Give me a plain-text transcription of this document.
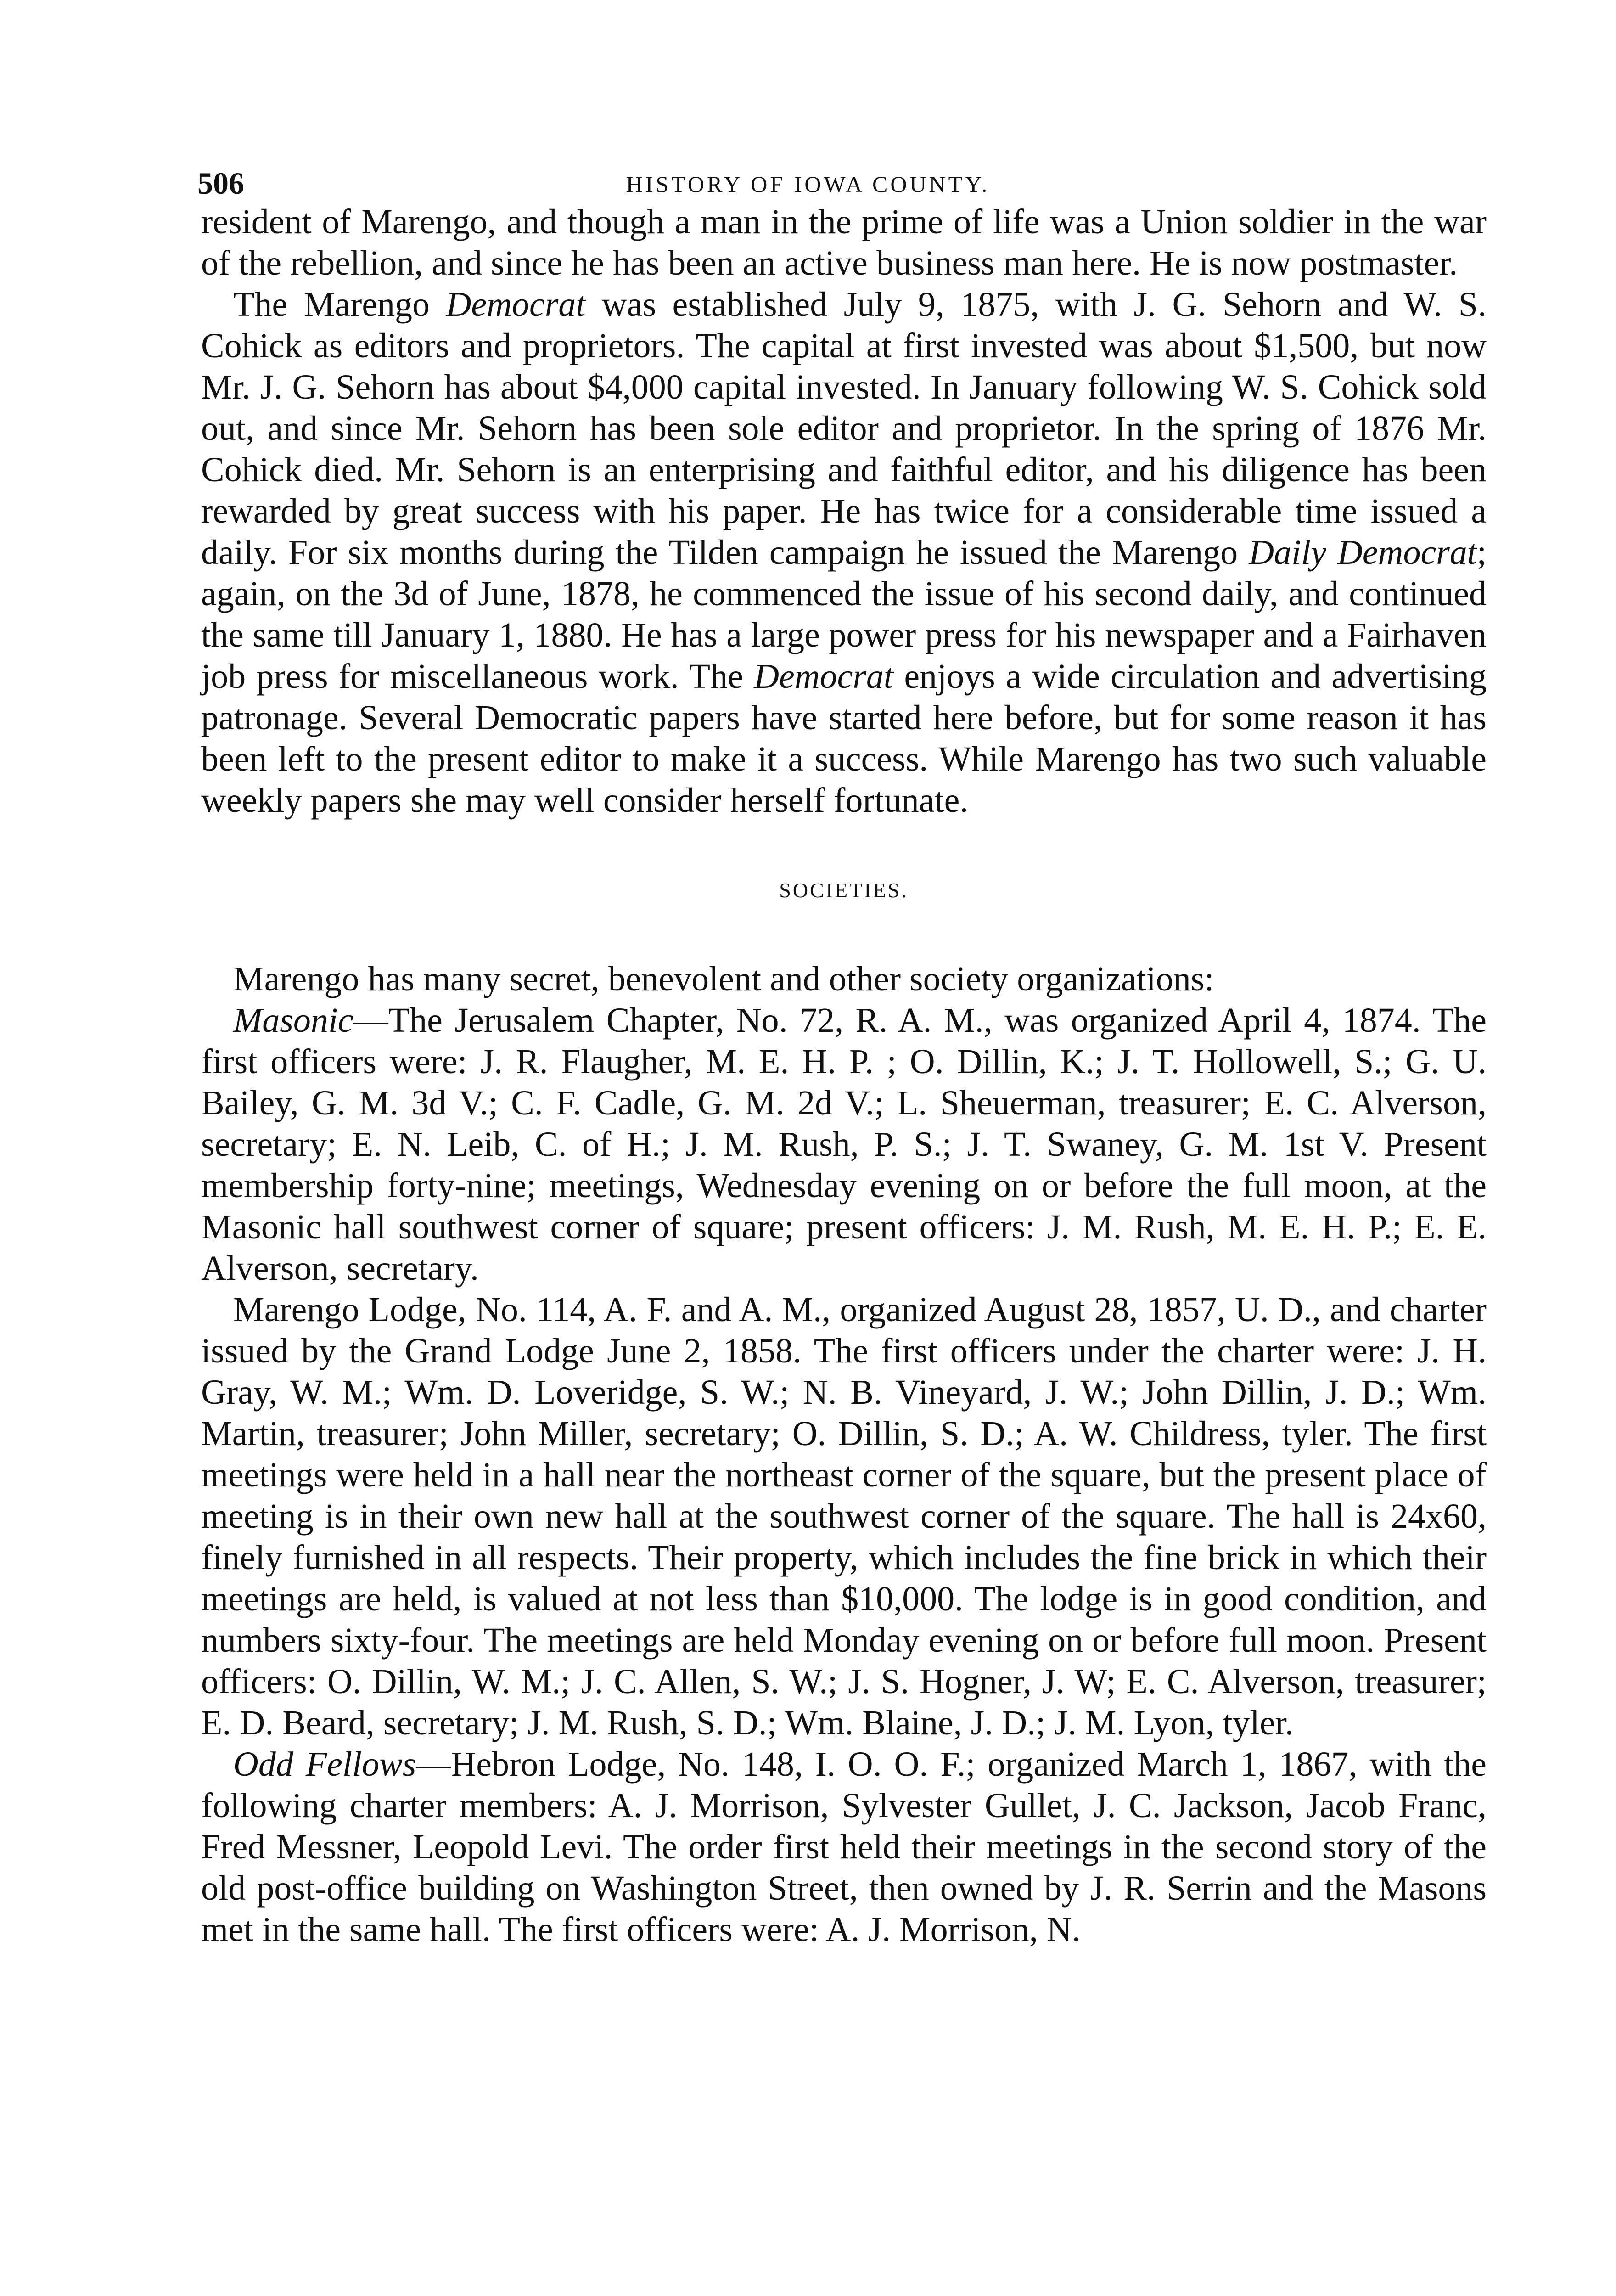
506	HISTORY OF IOWA COUNTY.

resident of Marengo, and though a man in the prime of life was a Union soldier in the war of the rebellion, and since he has been an active business man here. He is now postmaster.

The Marengo Democrat was established July 9, 1875, with J. G. Sehorn and W. S. Cohick as editors and proprietors. The capital at first invested was about $1,500, but now Mr. J. G. Sehorn has about $4,000 capital invested. In January following W. S. Cohick sold out, and since Mr. Sehorn has been sole editor and proprietor. In the spring of 1876 Mr. Cohick died. Mr. Sehorn is an enterprising and faithful editor, and his diligence has been rewarded by great success with his paper. He has twice for a considerable time issued a daily. For six months during the Tilden campaign he issued the Marengo Daily Democrat; again, on the 3d of June, 1878, he commenced the issue of his second daily, and continued the same till January 1, 1880. He has a large power press for his newspaper and a Fairhaven job press for miscellaneous work. The Democrat enjoys a wide circulation and advertising patronage. Several Democratic papers have started here before, but for some reason it has been left to the present editor to make it a success. While Marengo has two such valuable weekly papers she may well consider herself fortunate.

SOCIETIES.

Marengo has many secret, benevolent and other society organizations:

Masonic—The Jerusalem Chapter, No. 72, R. A. M., was organized April 4, 1874. The first officers were: J. R. Flaugher, M. E. H. P. ; O. Dillin, K.; J. T. Hollowell, S.; G. U. Bailey, G. M. 3d V.; C. F. Cadle, G. M. 2d V.; L. Sheuerman, treasurer; E. C. Alverson, secretary; E. N. Leib, C. of H.; J. M. Rush, P. S.; J. T. Swaney, G. M. 1st V. Present membership forty-nine; meetings, Wednesday evening on or before the full moon, at the Masonic hall southwest corner of square; present officers: J. M. Rush, M. E. H. P.; E. E. Alverson, secretary.

Marengo Lodge, No. 114, A. F. and A. M., organized August 28, 1857, U. D., and charter issued by the Grand Lodge June 2, 1858. The first officers under the charter were: J. H. Gray, W. M.; Wm. D. Loveridge, S. W.; N. B. Vineyard, J. W.; John Dillin, J. D.; Wm. Martin, treasurer; John Miller, secretary; O. Dillin, S. D.; A. W. Childress, tyler. The first meetings were held in a hall near the northeast corner of the square, but the present place of meeting is in their own new hall at the southwest corner of the square. The hall is 24x60, finely furnished in all respects. Their property, which includes the fine brick in which their meetings are held, is valued at not less than $10,000. The lodge is in good condition, and numbers sixty-four. The meetings are held Monday evening on or before full moon. Present officers: O. Dillin, W. M.; J. C. Allen, S. W.; J. S. Hogner, J. W; E. C. Alverson, treasurer; E. D. Beard, secretary; J. M. Rush, S. D.; Wm. Blaine, J. D.; J. M. Lyon, tyler.

Odd Fellows—Hebron Lodge, No. 148, I. O. O. F.; organized March 1, 1867, with the following charter members: A. J. Morrison, Sylvester Gullet, J. C. Jackson, Jacob Franc, Fred Messner, Leopold Levi. The order first held their meetings in the second story of the old post-office building on Washington Street, then owned by J. R. Serrin and the Masons met in the same hall. The first officers were: A. J. Morrison, N.
